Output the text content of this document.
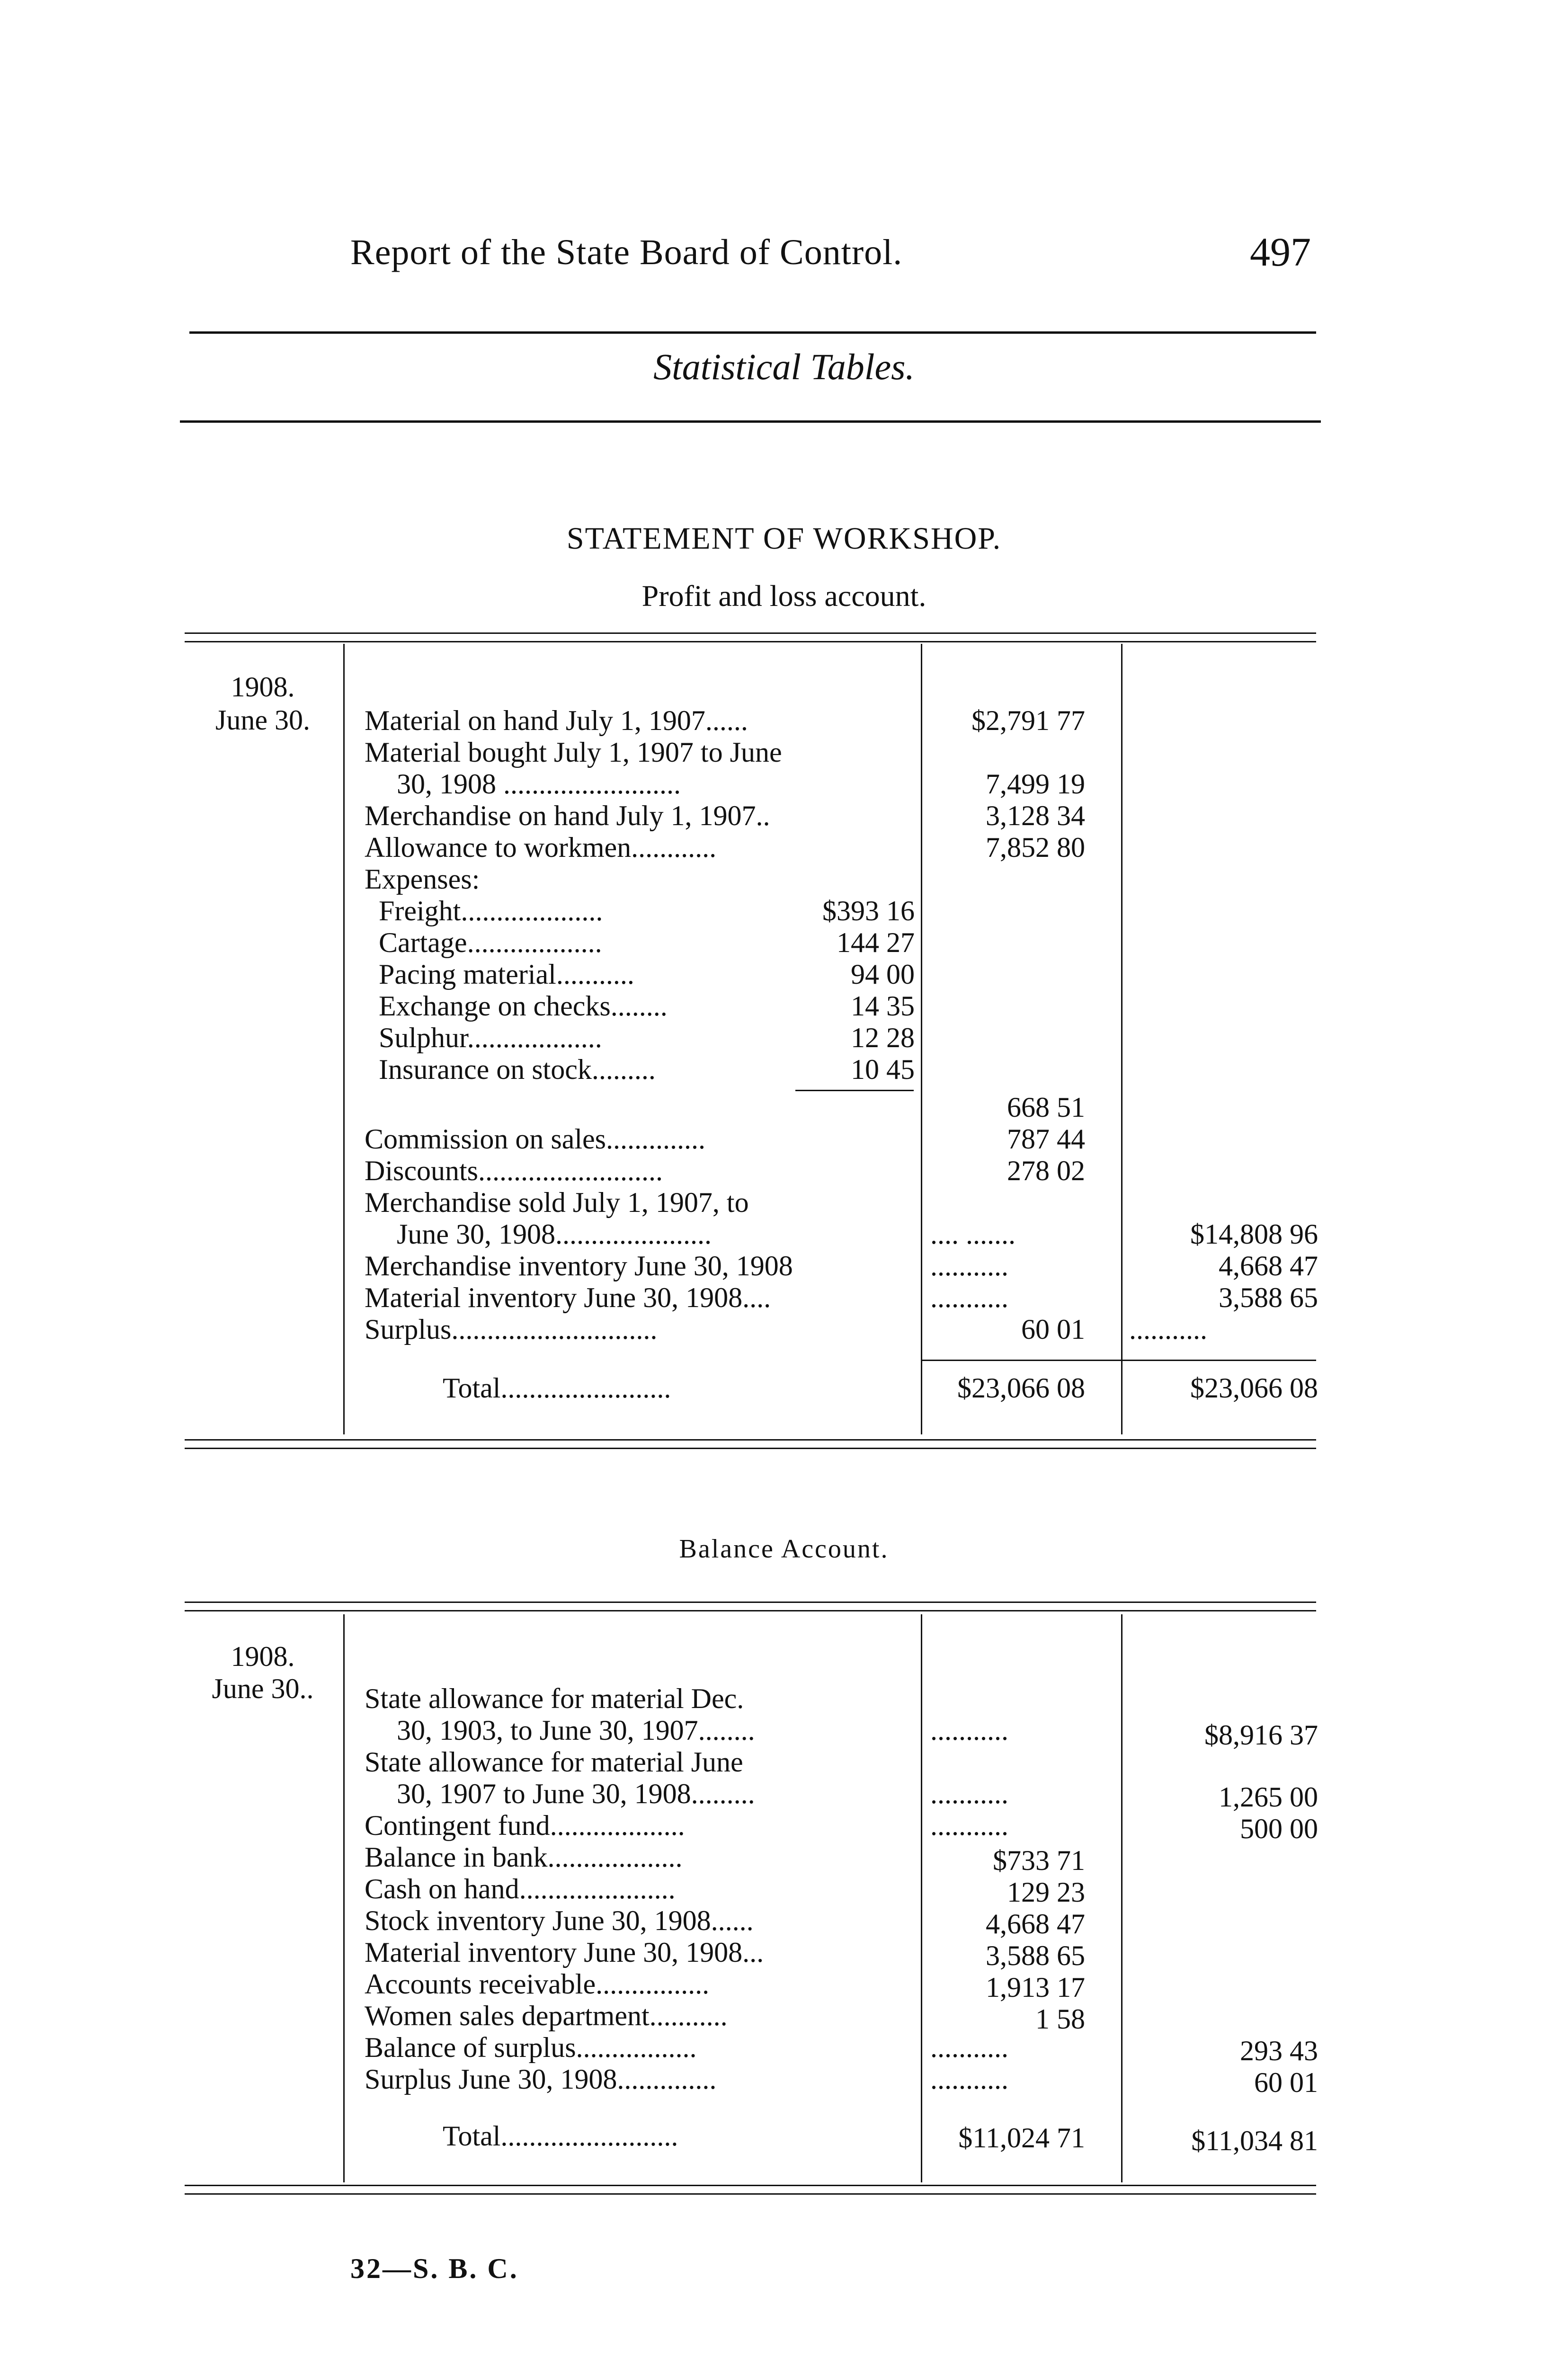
Report of the State Board of Control.	497
Statistical Tables.
STATEMENT OF WORKSHOP.
Profit and loss account.
1908.
June 30.	Material on hand July 1, 1907......	$2,791 77
Material bought July 1, 1907 to June
30, 1908 .........................	7,499 19
Merchandise on hand July 1, 1907..	3,128 34
Allowance to workmen............	7,852 80
Expenses:
Freight....................	$393 16
Cartage...................	144 27
Pacing material...........	94 00
Exchange on checks........	14 35
Sulphur...................	12 28
Insurance on stock.........	10 45
668 51
Commission on sales..............	787 44
Discounts..........................	278 02
Merchandise sold July 1, 1907, to
June 30, 1908......................	.... .......	$14,808 96
Merchandise inventory June 30, 1908	...........	4,668 47
Material inventory June 30, 1908....	...........	3,588 65
Surplus.............................	60 01 ...........
Total........................	$23,066 08	$23,066 08
Balance Account.
1908.
June 30..	State allowance for material Dec.
30, 1903, to June 30, 1907........	...........	$8,916 37
State allowance for material June
30, 1907 to June 30, 1908.........	...........	1,265 00
Contingent fund...................	...........	500 00
Balance in bank...................	$733 71
Cash on hand......................	129 23
Stock inventory June 30, 1908......	4,668 47
Material inventory June 30, 1908...	3,588 65
Accounts receivable................	1,913 17
Women sales department...........	1 58
Balance of surplus.................	...........	293 43
Surplus June 30, 1908..............	...........	60 01
Total.........................	$11,024 71	$11,034 81
32—S. B. C.
